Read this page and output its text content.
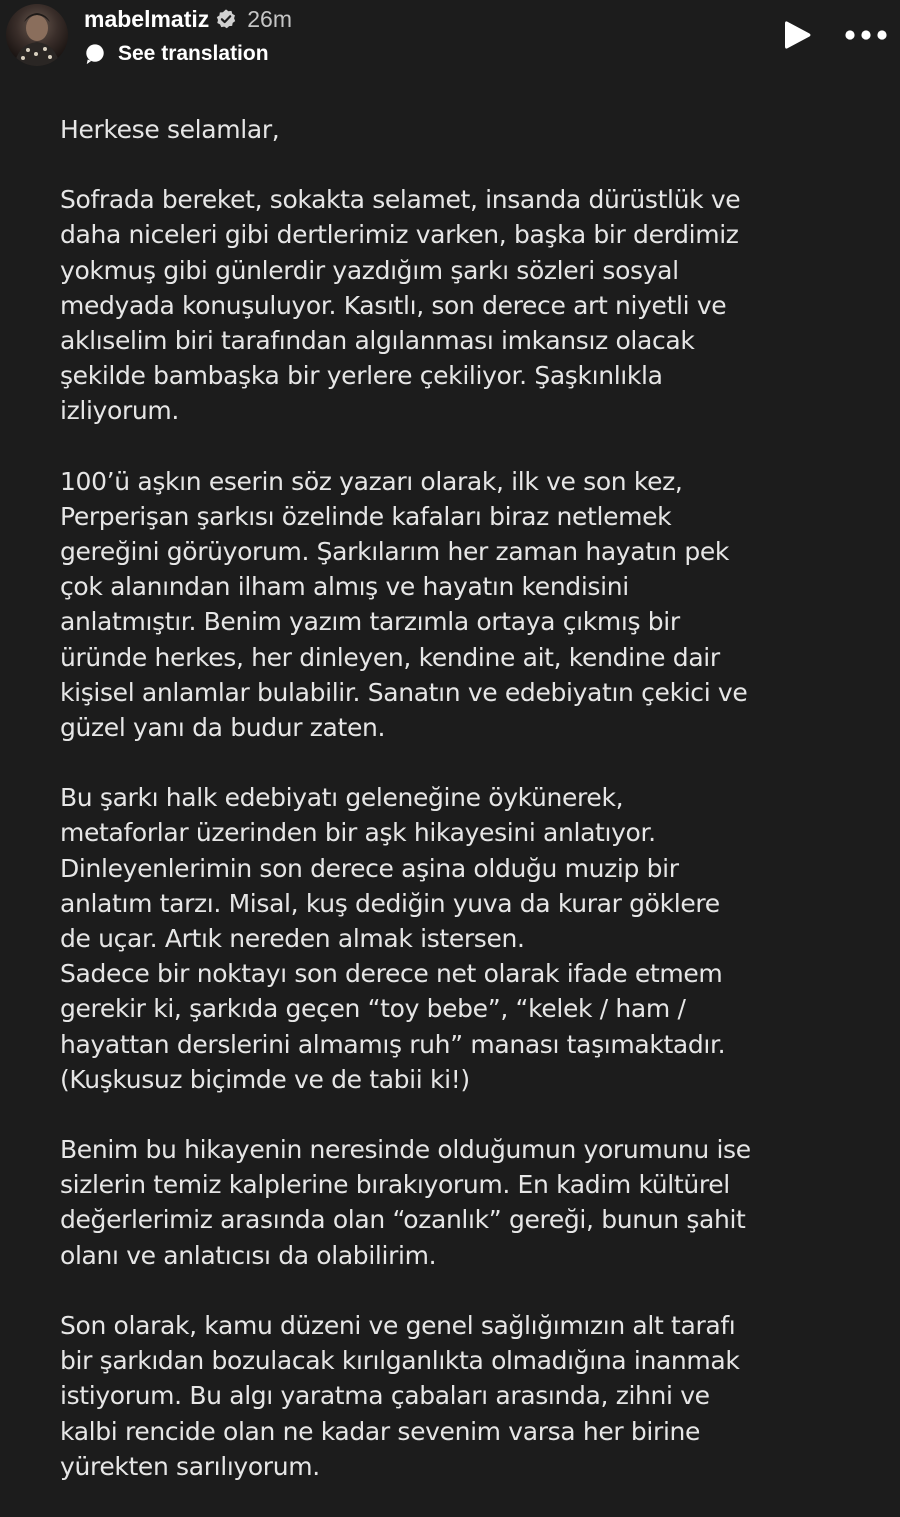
mabelmatiz 26m
See translation

Herkese selamlar,

Sofrada bereket, sokakta selamet, insanda dürüstlük ve
daha niceleri gibi dertlerimiz varken, başka bir derdimiz
yokmuş gibi günlerdir yazdığım şarkı sözleri sosyal
medyada konuşuluyor. Kasıtlı, son derece art niyetli ve
aklıselim biri tarafından algılanması imkansız olacak
şekilde bambaşka bir yerlere çekiliyor. Şaşkınlıkla
izliyorum.

100’ü aşkın eserin söz yazarı olarak, ilk ve son kez,
Perperişan şarkısı özelinde kafaları biraz netlemek
gereğini görüyorum. Şarkılarım her zaman hayatın pek
çok alanından ilham almış ve hayatın kendisini
anlatmıştır. Benim yazım tarzımla ortaya çıkmış bir
üründe herkes, her dinleyen, kendine ait, kendine dair
kişisel anlamlar bulabilir. Sanatın ve edebiyatın çekici ve
güzel yanı da budur zaten.

Bu şarkı halk edebiyatı geleneğine öykünerek,
metaforlar üzerinden bir aşk hikayesini anlatıyor.
Dinleyenlerimin son derece aşina olduğu muzip bir
anlatım tarzı. Misal, kuş dediğin yuva da kurar göklere
de uçar. Artık nereden almak istersen.
Sadece bir noktayı son derece net olarak ifade etmem
gerekir ki, şarkıda geçen “toy bebe”, “kelek / ham /
hayattan derslerini almamış ruh” manası taşımaktadır.
(Kuşkusuz biçimde ve de tabii ki!)

Benim bu hikayenin neresinde olduğumun yorumunu ise
sizlerin temiz kalplerine bırakıyorum. En kadim kültürel
değerlerimiz arasında olan “ozanlık” gereği, bunun şahit
olanı ve anlatıcısı da olabilirim.

Son olarak, kamu düzeni ve genel sağlığımızın alt tarafı
bir şarkıdan bozulacak kırılganlıkta olmadığına inanmak
istiyorum. Bu algı yaratma çabaları arasında, zihni ve
kalbi rencide olan ne kadar sevenim varsa her birine
yürekten sarılıyorum.
